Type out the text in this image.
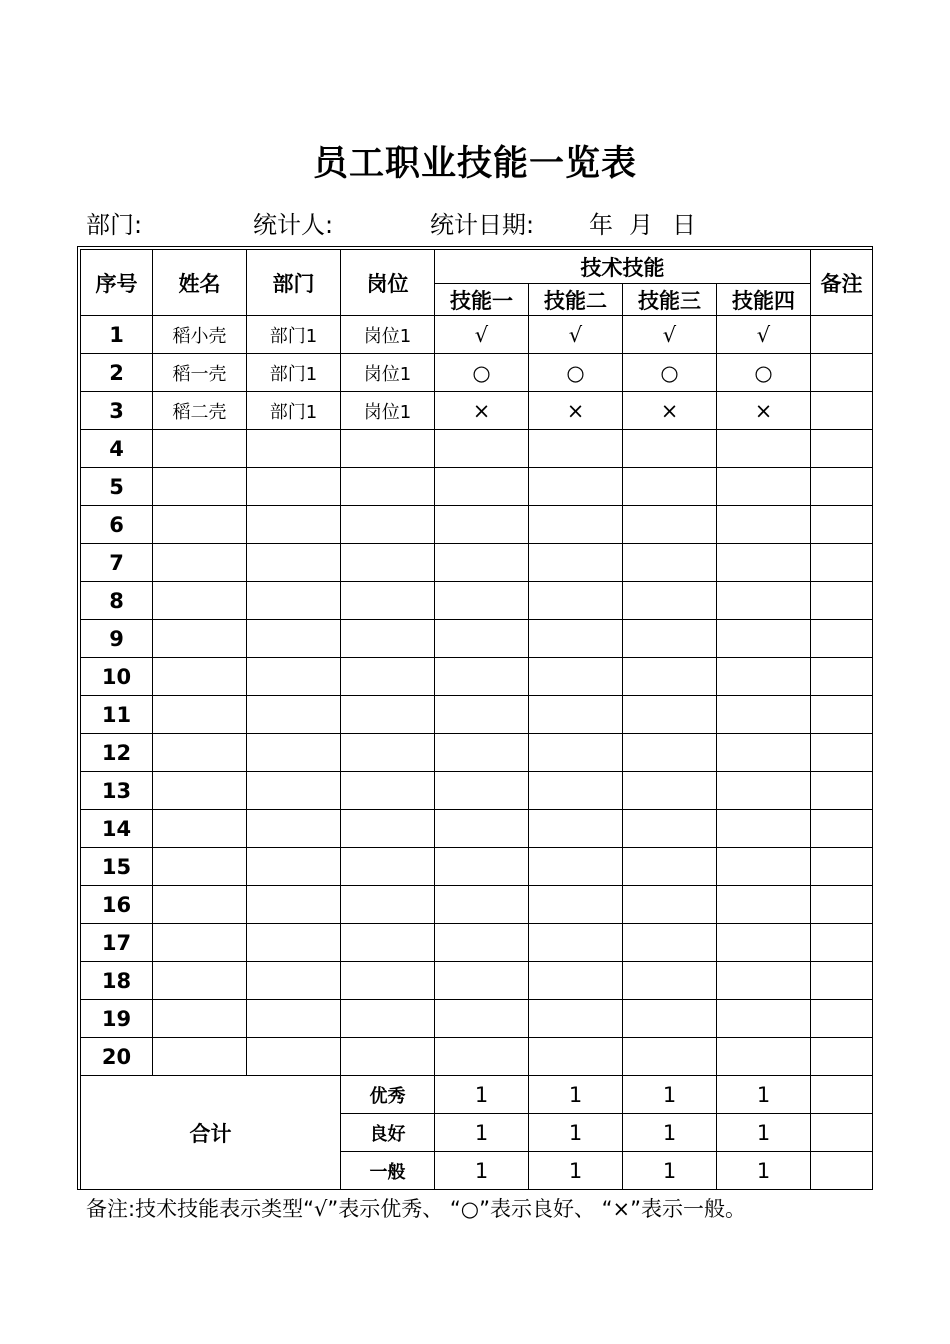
员工职业技能一览表
部门:	统计人:	统计日期: 年 月 日
序号	姓名	部门	岗位	技术技能				备注
				技能一	技能二	技能三	技能四	
1	稻小壳	部门1	岗位1	√	√	√	√	
2	稻一壳	部门1	岗位1	○	○	○	○	
3	稻二壳	部门1	岗位1	×	×	×	×	
4								
5								
6								
7								
8								
9								
10								
11								
12								
13								
14								
15								
16								
17								
18								
19								
20								
合计			优秀	1	1	1	1	
			良好	1	1	1	1	
			一般	1	1	1	1	
备注:技术技能表示类型“√”表示优秀、 “○”表示良好、 “×”表示一般。
